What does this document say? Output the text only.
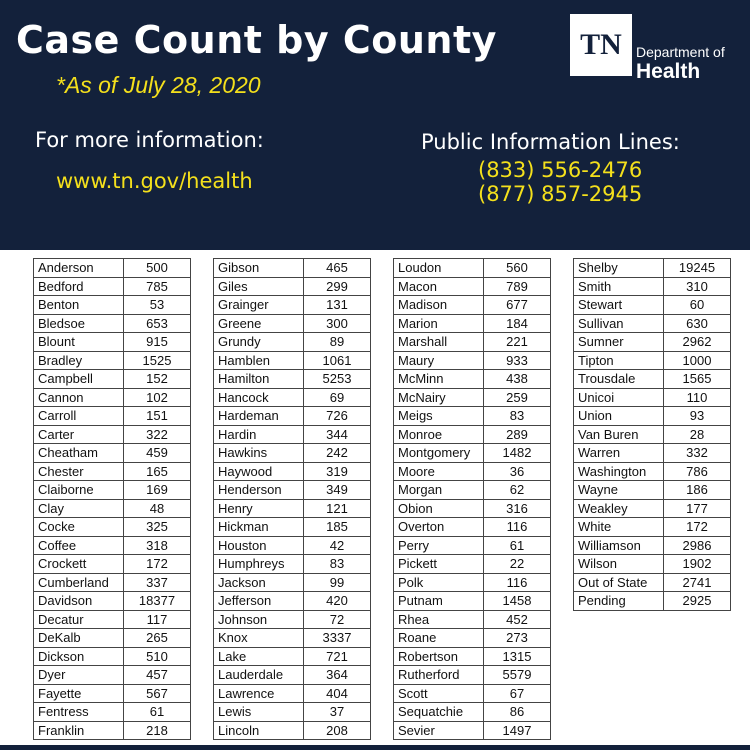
Case Count by County
*As of July 28, 2020
TN	Department of
Health
For more information:
www.tn.gov/health
Public Information Lines:
(833) 556-2476
(877) 857-2945
Anderson	500
Bedford	785
Benton	53
Bledsoe	653
Blount	915
Bradley	1525
Campbell	152
Cannon	102
Carroll	151
Carter	322
Cheatham	459
Chester	165
Claiborne	169
Clay	48
Cocke	325
Coffee	318
Crockett	172
Cumberland	337
Davidson	18377
Decatur	117
DeKalb	265
Dickson	510
Dyer	457
Fayette	567
Fentress	61
Franklin	218
Gibson	465
Giles	299
Grainger	131
Greene	300
Grundy	89
Hamblen	1061
Hamilton	5253
Hancock	69
Hardeman	726
Hardin	344
Hawkins	242
Haywood	319
Henderson	349
Henry	121
Hickman	185
Houston	42
Humphreys	83
Jackson	99
Jefferson	420
Johnson	72
Knox	3337
Lake	721
Lauderdale	364
Lawrence	404
Lewis	37
Lincoln	208
Loudon	560
Macon	789
Madison	677
Marion	184
Marshall	221
Maury	933
McMinn	438
McNairy	259
Meigs	83
Monroe	289
Montgomery	1482
Moore	36
Morgan	62
Obion	316
Overton	116
Perry	61
Pickett	22
Polk	116
Putnam	1458
Rhea	452
Roane	273
Robertson	1315
Rutherford	5579
Scott	67
Sequatchie	86
Sevier	1497
Shelby	19245
Smith	310
Stewart	60
Sullivan	630
Sumner	2962
Tipton	1000
Trousdale	1565
Unicoi	110
Union	93
Van Buren	28
Warren	332
Washington	786
Wayne	186
Weakley	177
White	172
Williamson	2986
Wilson	1902
Out of State	2741
Pending	2925
